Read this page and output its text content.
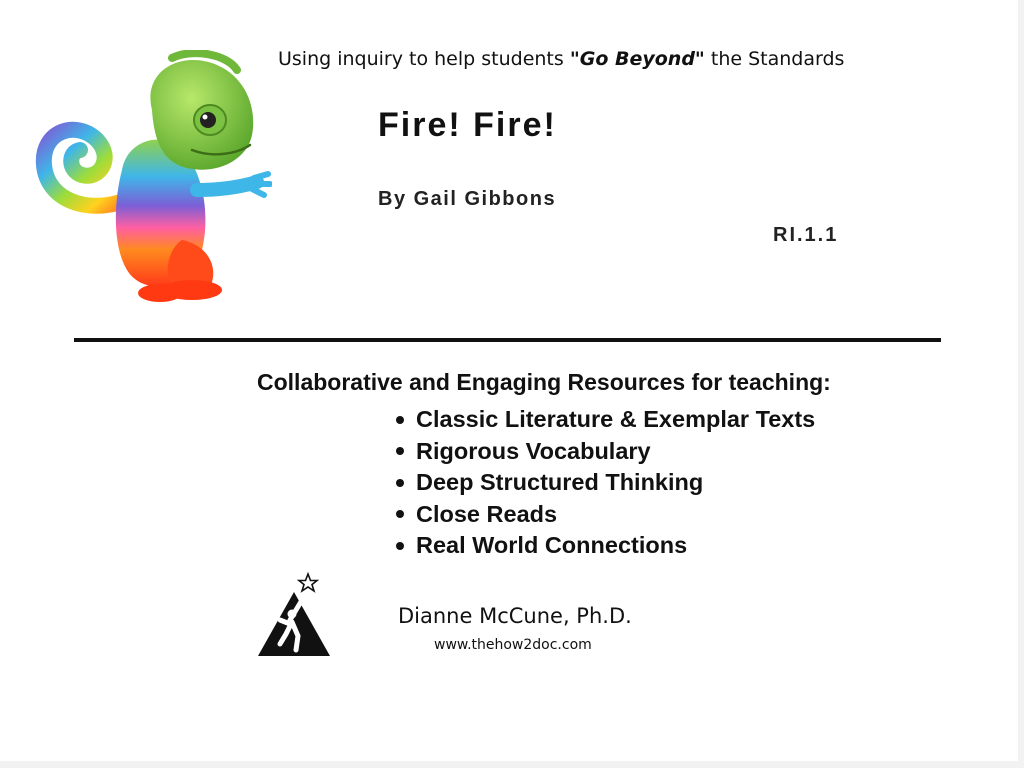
Using inquiry to help students "Go Beyond" the Standards
Fire! Fire!
By Gail Gibbons
RI.1.1
Collaborative and Engaging Resources for teaching:
Classic Literature & Exemplar Texts
Rigorous Vocabulary
Deep Structured Thinking
Close Reads
Real World Connections
Dianne McCune, Ph.D.
www.thehow2doc.com
